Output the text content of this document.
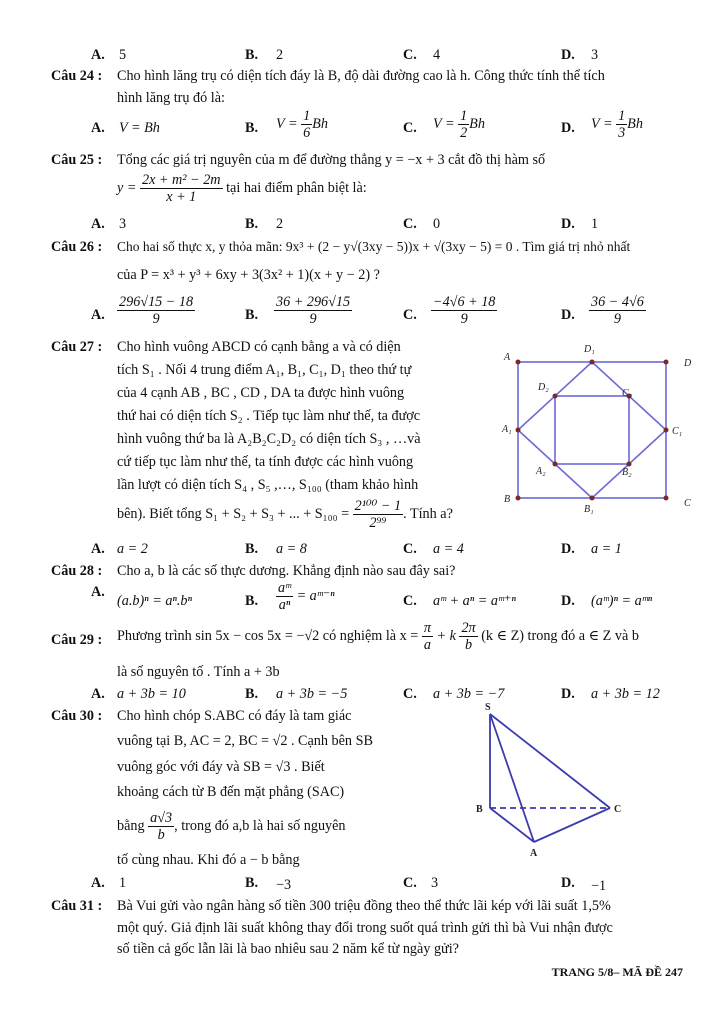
A. 5	B. 2	C. 4	D. 3
Câu 24 : Cho hình lăng trụ có diện tích đáy là B, độ dài đường cao là h. Công thức tính thể tích
hình lăng trụ đó là:
A. V = Bh	B. $V = \frac{1}{6}$ Bh	C. $V = \frac{1}{2}$ Bh	D. $V = \frac{1}{3}$ Bh
Câu 25 : Tổng các giá trị nguyên của m để đường thẳng y = −x + 3 cắt đồ thị hàm số
$y = \frac{\text{2x + m² − 2m}}{x + 1}$ tại hai điểm phân biệt là:
A. 3	B. 2	C. 0	D. 1
Câu 26 : Cho hai số thực x, y thỏa mãn: 9x³ + (2 − y√(3xy − 5))x + √(3xy − 5) = 0 . Tìm giá trị nhỏ nhất
của P = x³ + y³ + 6xy + 3(3x² + 1)(x + y − 2) ?
A. $\frac{296√15 - 18}{9}$	B. $\frac{36 + 296√15}{9}$	C. $\frac{-4√6 + 18}{9}$	D. $\frac{36 - 4√6}{9}$
Câu 27 : Cho hình vuông ABCD có cạnh bằng a và có diện
tích S₁ . Nối 4 trung điểm A₁, B₁, C₁, D₁ theo thứ tự
của 4 cạnh AB , BC , CD , DA ta được hình vuông
thứ hai có diện tích S₂ . Tiếp tục làm như thế, ta được
hình vuông thứ ba là A₂B₂C₂D₂ có diện tích S₃ , …và
cứ tiếp tục làm như thế, ta tính được các hình vuông
lần lượt có diện tích S₄ , S₅ ,…, S₁₀₀ (tham khảo hình
bên). Biết tổng S₁ + S₂ + S₃ + ... + $S_{100} = \frac{\text{2¹⁰⁰ − 1}}{\text{2⁹⁹}}$ . Tính a?
A
D
C
B
D₁
C₁
B₁
A₁
D₂
C₂
B₂
A₂
A. a = 2	B. a = 8	C. a = 4	D. a = 1
Câu 28 : Cho a, b là các số thực dương. Khẳng định nào sau đây sai?
A.
(a.b)ⁿ = aⁿ.bⁿ	B. $\frac{\text{aᵐ}}{\text{aⁿ}}$ = aᵐ⁻ⁿ	C. aᵐ + aⁿ = aᵐ⁺ⁿ	D. (aᵐ)ⁿ = aᵐⁿ
Câu 29 : Phương trình sin 5x − cos 5x = −√2 có nghiệm là $x = \frac{\pi}{a} + k \frac{2\pi}{b} (k$ ∈ Z) trong đó a ∈ Z và b
là số nguyên tố . Tính a + 3b
A. a + 3b = 10	B. a + 3b = −5	C. a + 3b = −7	D. a + 3b = 12
Câu 30 : Cho hình chóp S.ABC có đáy là tam giác
vuông tại B, AC = 2, BC = √2 . Cạnh bên SB
vuông góc với đáy và SB = √3 . Biết
khoảng cách từ B đến mặt phẳng (SAC)
bằng $\frac{a√3}{b}$ , trong đó a,b là hai số nguyên
tố cùng nhau. Khi đó a − b bằng
S
B	C
A
A. 1	B. −3	C. 3	D. −1
Câu 31 : Bà Vui gửi vào ngân hàng số tiền 300 triệu đồng theo thể thức lãi kép với lãi suất 1,5%
một quý. Giả định lãi suất không thay đổi trong suốt quá trình gửi thì bà Vui nhận được
số tiền cả gốc lẫn lãi là bao nhiêu sau 2 năm kể từ ngày gửi?
TRANG 5/8– MÃ ĐỀ 247
